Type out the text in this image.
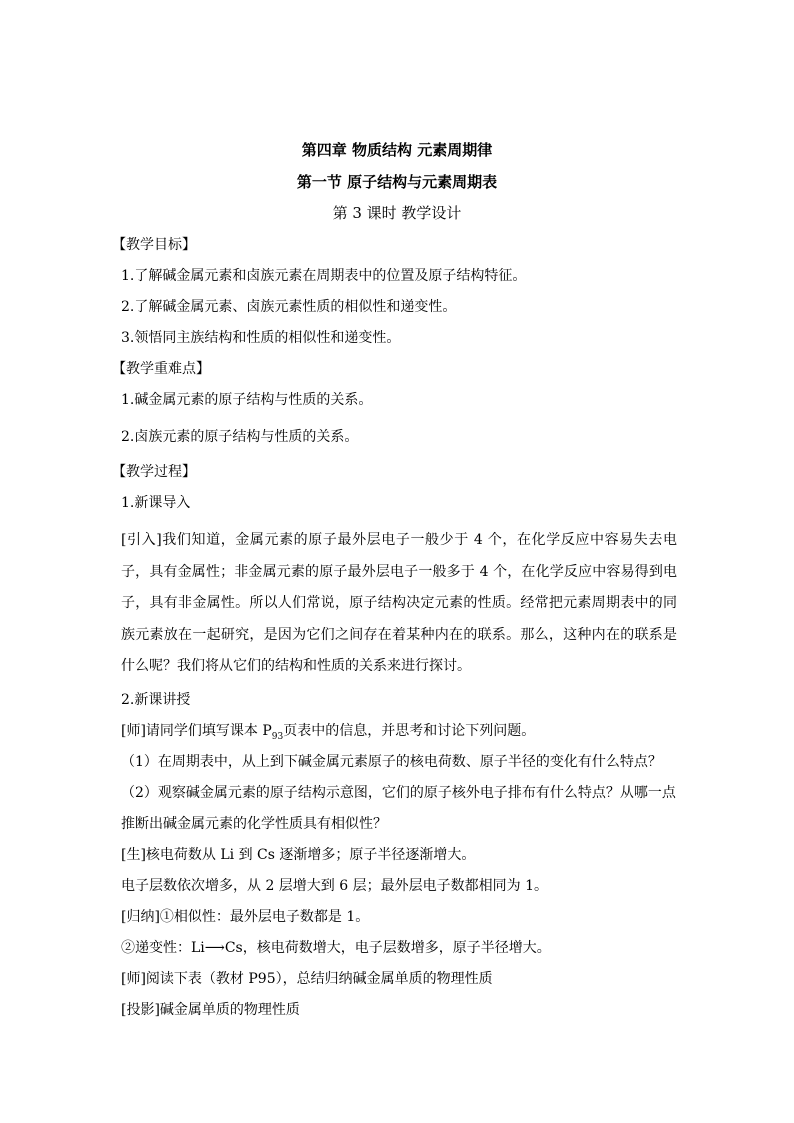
第四章 物质结构 元素周期律
第一节 原子结构与元素周期表
第 3 课时 教学设计
【教学目标】
1.了解碱金属元素和卤族元素在周期表中的位置及原子结构特征。
2.了解碱金属元素、卤族元素性质的相似性和递变性。
3.领悟同主族结构和性质的相似性和递变性。
【教学重难点】
1.碱金属元素的原子结构与性质的关系。
2.卤族元素的原子结构与性质的关系。
【教学过程】
1.新课导入
[引入]我们知道，金属元素的原子最外层电子一般少于 4 个，在化学反应中容易失去电子，具有金属性；非金属元素的原子最外层电子一般多于 4 个，在化学反应中容易得到电子，具有非金属性。所以人们常说，原子结构决定元素的性质。经常把元素周期表中的同族元素放在一起研究，是因为它们之间存在着某种内在的联系。那么，这种内在的联系是什么呢？我们将从它们的结构和性质的关系来进行探讨。
2.新课讲授
[师]请同学们填写课本 $P_{93}$页表中的信息，并思考和讨论下列问题。
（1）在周期表中，从上到下碱金属元素原子的核电荷数、原子半径的变化有什么特点？
（2）观察碱金属元素的原子结构示意图，它们的原子核外电子排布有什么特点？从哪一点
推断出碱金属元素的化学性质具有相似性？
[生]核电荷数从 Li 到 Cs 逐渐增多；原子半径逐渐增大。
电子层数依次增多，从 2 层增大到 6 层；最外层电子数都相同为 1。
[归纳]①相似性：最外层电子数都是 1。
②递变性：Li⟶Cs，核电荷数增大，电子层数增多，原子半径增大。
[师]阅读下表（教材 P95），总结归纳碱金属单质的物理性质
[投影]碱金属单质的物理性质
